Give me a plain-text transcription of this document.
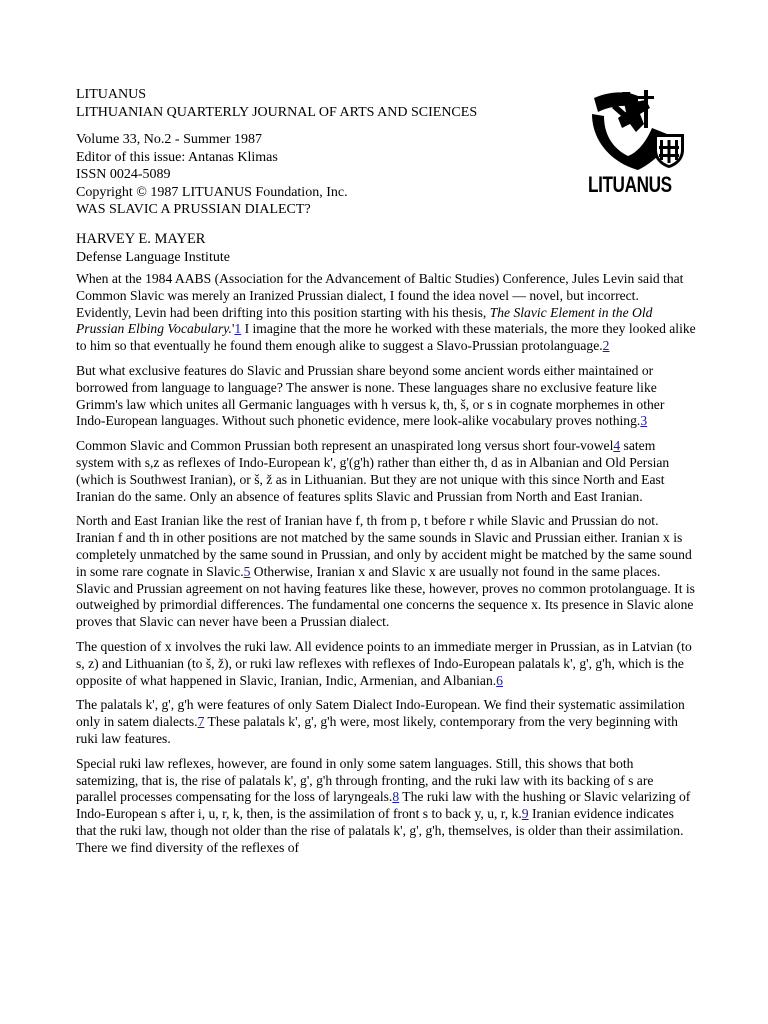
LITUANUS
LITHUANIAN QUARTERLY JOURNAL OF ARTS AND SCIENCES
Volume 33, No.2 - Summer 1987
Editor of this issue: Antanas Klimas
ISSN 0024-5089
Copyright © 1987 LITUANUS Foundation, Inc.
WAS SLAVIC A PRUSSIAN DIALECT?
LITUANUS
HARVEY E. MAYER
Defense Language Institute

When at the 1984 AABS (Association for the Advancement of Baltic Studies) Conference, Jules Levin said that Common Slavic was merely an Iranized Prussian dialect, I found the idea novel — novel, but incorrect. Evidently, Levin had been drifting into this position starting with his thesis, The Slavic Element in the Old Prussian Elbing Vocabulary.'1 I imagine that the more he worked with these materials, the more they looked alike to him so that eventually he found them enough alike to suggest a Slavo-Prussian protolanguage.2

But what exclusive features do Slavic and Prussian share beyond some ancient words either maintained or borrowed from language to language? The answer is none. These languages share no exclusive feature like Grimm's law which unites all Germanic languages with h versus k, th, š, or s in cognate morphemes in other Indo-European languages. Without such phonetic evidence, mere look-alike vocabulary proves nothing.3

Common Slavic and Common Prussian both represent an unaspirated long versus short four-vowel4 satem system with s,z as reflexes of Indo-European k', g'(g'h) rather than either th, d as in Albanian and Old Persian (which is Southwest Iranian), or š, ž as in Lithuanian. But they are not unique with this since North and East Iranian do the same. Only an absence of features splits Slavic and Prussian from North and East Iranian.

North and East Iranian like the rest of Iranian have f, th from p, t before r while Slavic and Prussian do not. Iranian f and th in other positions are not matched by the same sounds in Slavic and Prussian either. Iranian x is completely unmatched by the same sound in Prussian, and only by accident might be matched by the same sound in some rare cognate in Slavic.5 Otherwise, Iranian x and Slavic x are usually not found in the same places. Slavic and Prussian agreement on not having features like these, however, proves no common protolanguage. It is outweighed by primordial differences. The fundamental one concerns the sequence x. Its presence in Slavic alone proves that Slavic can never have been a Prussian dialect.

The question of x involves the ruki law. All evidence points to an immediate merger in Prussian, as in Latvian (to s, z) and Lithuanian (to š, ž), or ruki law reflexes with reflexes of Indo-European palatals k', g', g'h, which is the opposite of what happened in Slavic, Iranian, Indic, Armenian, and Albanian.6

The palatals k', g', g'h were features of only Satem Dialect Indo-European. We find their systematic assimilation only in satem dialects.7 These palatals k', g', g'h were, most likely, contemporary from the very beginning with ruki law features.

Special ruki law reflexes, however, are found in only some satem languages. Still, this shows that both satemizing, that is, the rise of palatals k', g', g'h through fronting, and the ruki law with its backing of s are parallel processes compensating for the loss of laryngeals.8 The ruki law with the hushing or Slavic velarizing of Indo-European s after i, u, r, k, then, is the assimilation of front s to back y, u, r, k.9 Iranian evidence indicates that the ruki law, though not older than the rise of palatals k', g', g'h, themselves, is older than their assimilation. There we find diversity of the reflexes of
